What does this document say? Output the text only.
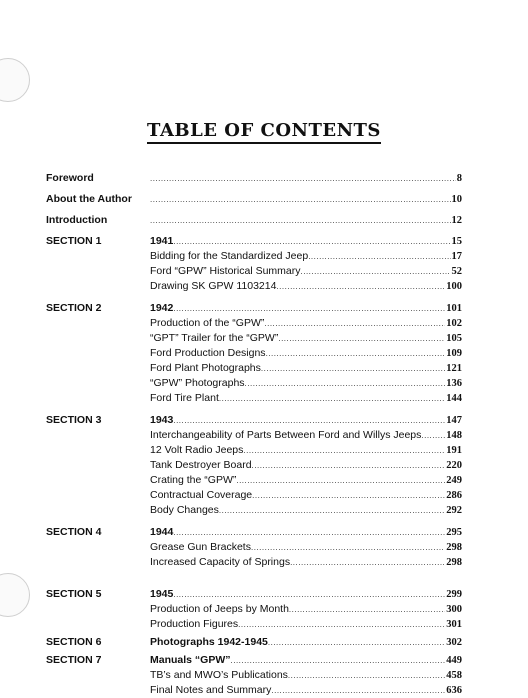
TABLE OF CONTENTS
Foreword .....	8
About the Author .....	10
Introduction .....	12
SECTION 1	1941 .....	15
Bidding for the Standardized Jeep .....	17
Ford “GPW” Historical Summary .....	52
Drawing SK GPW 1103214 .....	100
SECTION 2	1942 .....	101
Production of the “GPW” .....	102
“GPT” Trailer for the “GPW” .....	105
Ford Production Designs .....	109
Ford Plant Photographs .....	121
“GPW” Photographs .....	136
Ford Tire Plant .....	144
SECTION 3	1943 .....	147
Interchangeability of Parts Between Ford and Willys Jeeps ..... 148
12 Volt Radio Jeeps .....	191
Tank Destroyer Board .....	220
Crating the “GPW” .....	249
Contractual Coverage .....	286
Body Changes .....	292
SECTION 4	1944 .....	295
Grease Gun Brackets .....	298
Increased Capacity of Springs .....	298
SECTION 5	1945 .....	299
Production of Jeeps by Month .....	300
Production Figures .....	301
SECTION 6	Photographs 1942-1945 .....	302
SECTION 7	Manuals “GPW” .....	449
TB’s and MWO’s Publications .....	458
Final Notes and Summary .....	636
